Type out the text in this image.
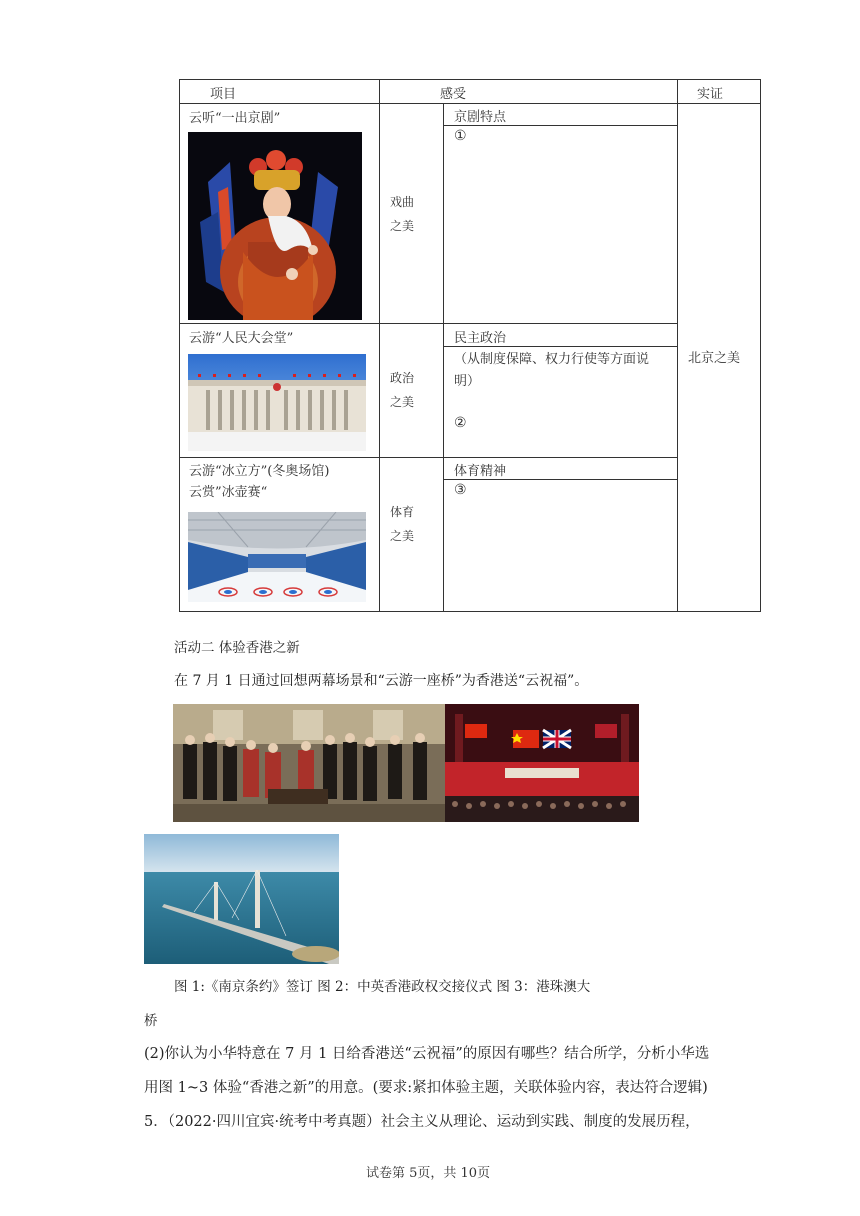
项目	感受	实证
云听“一出京剧”
戏曲
之美
京剧特点
①
云游“人民大会堂”
政治
之美
民主政治
（从制度保障、权力行使等方面说
明）
②
云游“冰立方”(冬奥场馆)
云赏”冰壶赛“
体育
之美
体育精神
③
北京之美
活动二 体验香港之新
在 7 月 1 日通过回想两幕场景和“云游一座桥”为香港送“云祝福”。
图 1:《南京条约》签订 图 2：中英香港政权交接仪式 图 3：港珠澳大
桥
(2)你认为小华特意在 7 月 1 日给香港送“云祝福”的原因有哪些？结合所学，分析小华选
用图 1~3 体验“香港之新”的用意。(要求:紧扣体验主题，关联体验内容，表达符合逻辑)
5．（2022·四川宜宾·统考中考真题）社会主义从理论、运动到实践、制度的发展历程，
试卷第 5页，共 10页
